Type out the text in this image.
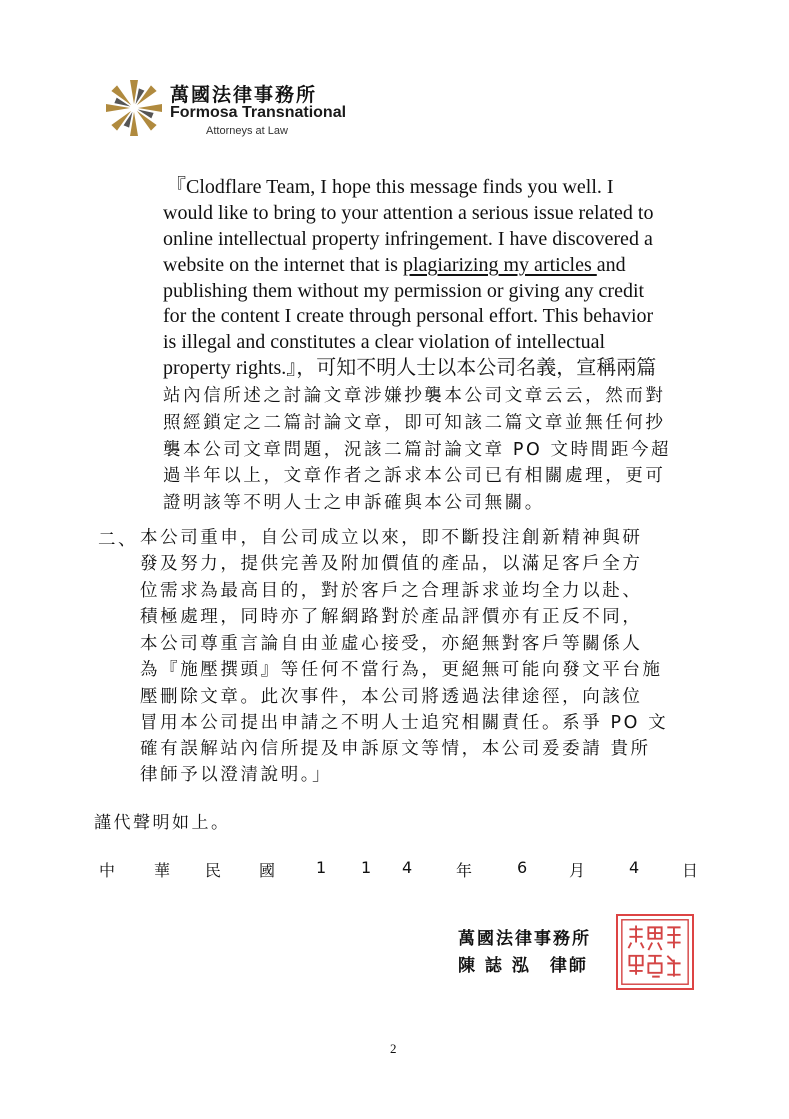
萬國法律事務所
Formosa Transnational
Attorneys at Law
『Clodflare Team, I hope this message finds you well. I
would like to bring to your attention a serious issue related to
online intellectual property infringement. I have discovered a
website on the internet that is plagiarizing my articles and
publishing them without my permission or giving any credit
for the content I create through personal effort. This behavior
is illegal and constitutes a clear violation of intellectual
property rights.』，可知不明人士以本公司名義，宣稱兩篇
站內信所述之討論文章涉嫌抄襲本公司文章云云，然而對
照經鎖定之二篇討論文章，即可知該二篇文章並無任何抄
襲本公司文章問題，況該二篇討論文章 PO 文時間距今超
過半年以上，文章作者之訴求本公司已有相關處理，更可
證明該等不明人士之申訴確與本公司無關。
二、 本公司重申，自公司成立以來，即不斷投注創新精神與研
發及努力，提供完善及附加價值的產品，以滿足客戶全方
位需求為最高目的，對於客戶之合理訴求並均全力以赴、
積極處理，同時亦了解網路對於產品評價亦有正反不同，
本公司尊重言論自由並虛心接受，亦絕無對客戶等關係人
為『施壓撰頭』等任何不當行為，更絕無可能向發文平台施
壓刪除文章。此次事件，本公司將透過法律途徑，向該位
冒用本公司提出申請之不明人士追究相關責任。系爭 PO 文
確有誤解站內信所提及申訴原文等情，本公司爰委請 貴所
律師予以澄清說明。」
謹代聲明如上。
中 華 民 國	1 1 4	年	6	月	4	日
萬國法律事務所
陳 誌 泓　律師
2
